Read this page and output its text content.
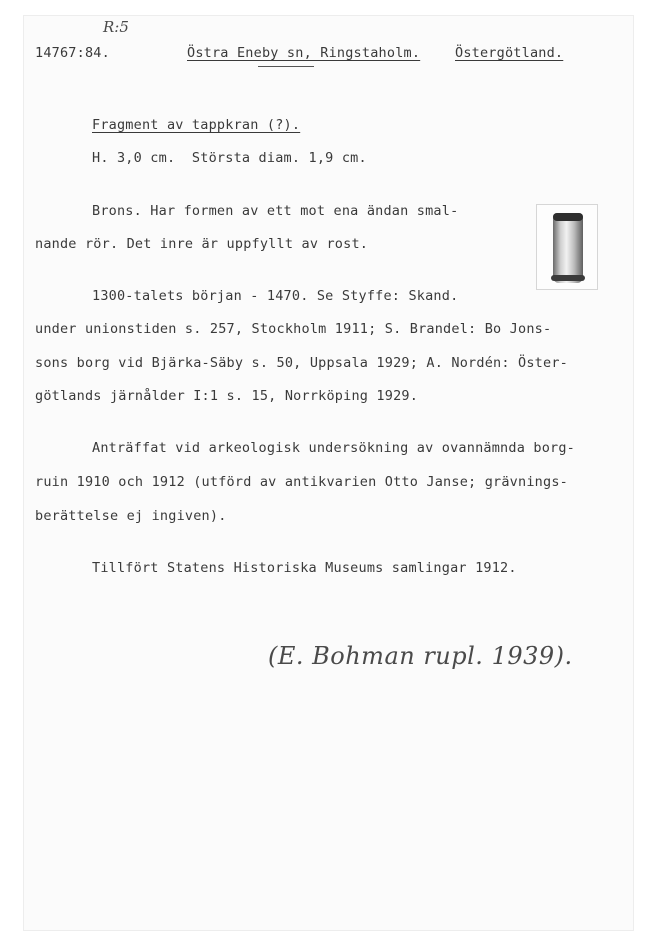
R:5
14767:84.	Östra Eneby sn, Ringstaholm.	Östergötland.
Fragment av tappkran (?).
H. 3,0 cm.  Största diam. 1,9 cm.
Brons. Har formen av ett mot ena ändan smal-
nande rör. Det inre är uppfyllt av rost.
1300-talets början - 1470. Se Styffe: Skand.
under unionstiden s. 257, Stockholm 1911; S. Brandel: Bo Jons-
sons borg vid Bjärka-Säby s. 50, Uppsala 1929; A. Nordén: Öster-
götlands järnålder I:1 s. 15, Norrköping 1929.
Anträffat vid arkeologisk undersökning av ovannämnda borg-
ruin 1910 och 1912 (utförd av antikvarien Otto Janse; grävnings-
berättelse ej ingiven).
Tillfört Statens Historiska Museums samlingar 1912.
(E. Bohman rupl. 1939).
